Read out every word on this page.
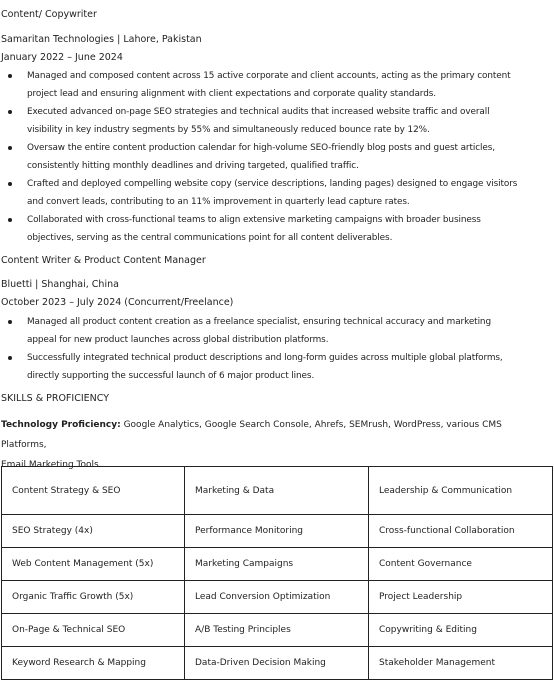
Content/ Copywriter
Samaritan Technologies | Lahore, Pakistan
January 2022 – June 2024
Managed and composed content across 15 active corporate and client accounts, acting as the primary content
project lead and ensuring alignment with client expectations and corporate quality standards.
Executed advanced on-page SEO strategies and technical audits that increased website traffic and overall
visibility in key industry segments by 55% and simultaneously reduced bounce rate by 12%.
Oversaw the entire content production calendar for high-volume SEO-friendly blog posts and guest articles,
consistently hitting monthly deadlines and driving targeted, qualified traffic.
Crafted and deployed compelling website copy (service descriptions, landing pages) designed to engage visitors
and convert leads, contributing to an 11% improvement in quarterly lead capture rates.
Collaborated with cross-functional teams to align extensive marketing campaigns with broader business
objectives, serving as the central communications point for all content deliverables.
Content Writer & Product Content Manager
Bluetti | Shanghai, China
October 2023 – July 2024 (Concurrent/Freelance)
Managed all product content creation as a freelance specialist, ensuring technical accuracy and marketing
appeal for new product launches across global distribution platforms.
Successfully integrated technical product descriptions and long-form guides across multiple global platforms,
directly supporting the successful launch of 6 major product lines.
SKILLS & PROFICIENCY
Technology Proficiency: Google Analytics, Google Search Console, Ahrefs, SEMrush, WordPress, various CMS Platforms,
Email Marketing Tools.
Content Strategy & SEO	Marketing & Data	Leadership & Communication
SEO Strategy (4x)	Performance Monitoring	Cross-functional Collaboration
Web Content Management (5x)	Marketing Campaigns	Content Governance
Organic Traffic Growth (5x)	Lead Conversion Optimization	Project Leadership
On-Page & Technical SEO	A/B Testing Principles	Copywriting & Editing
Keyword Research & Mapping	Data-Driven Decision Making	Stakeholder Management
